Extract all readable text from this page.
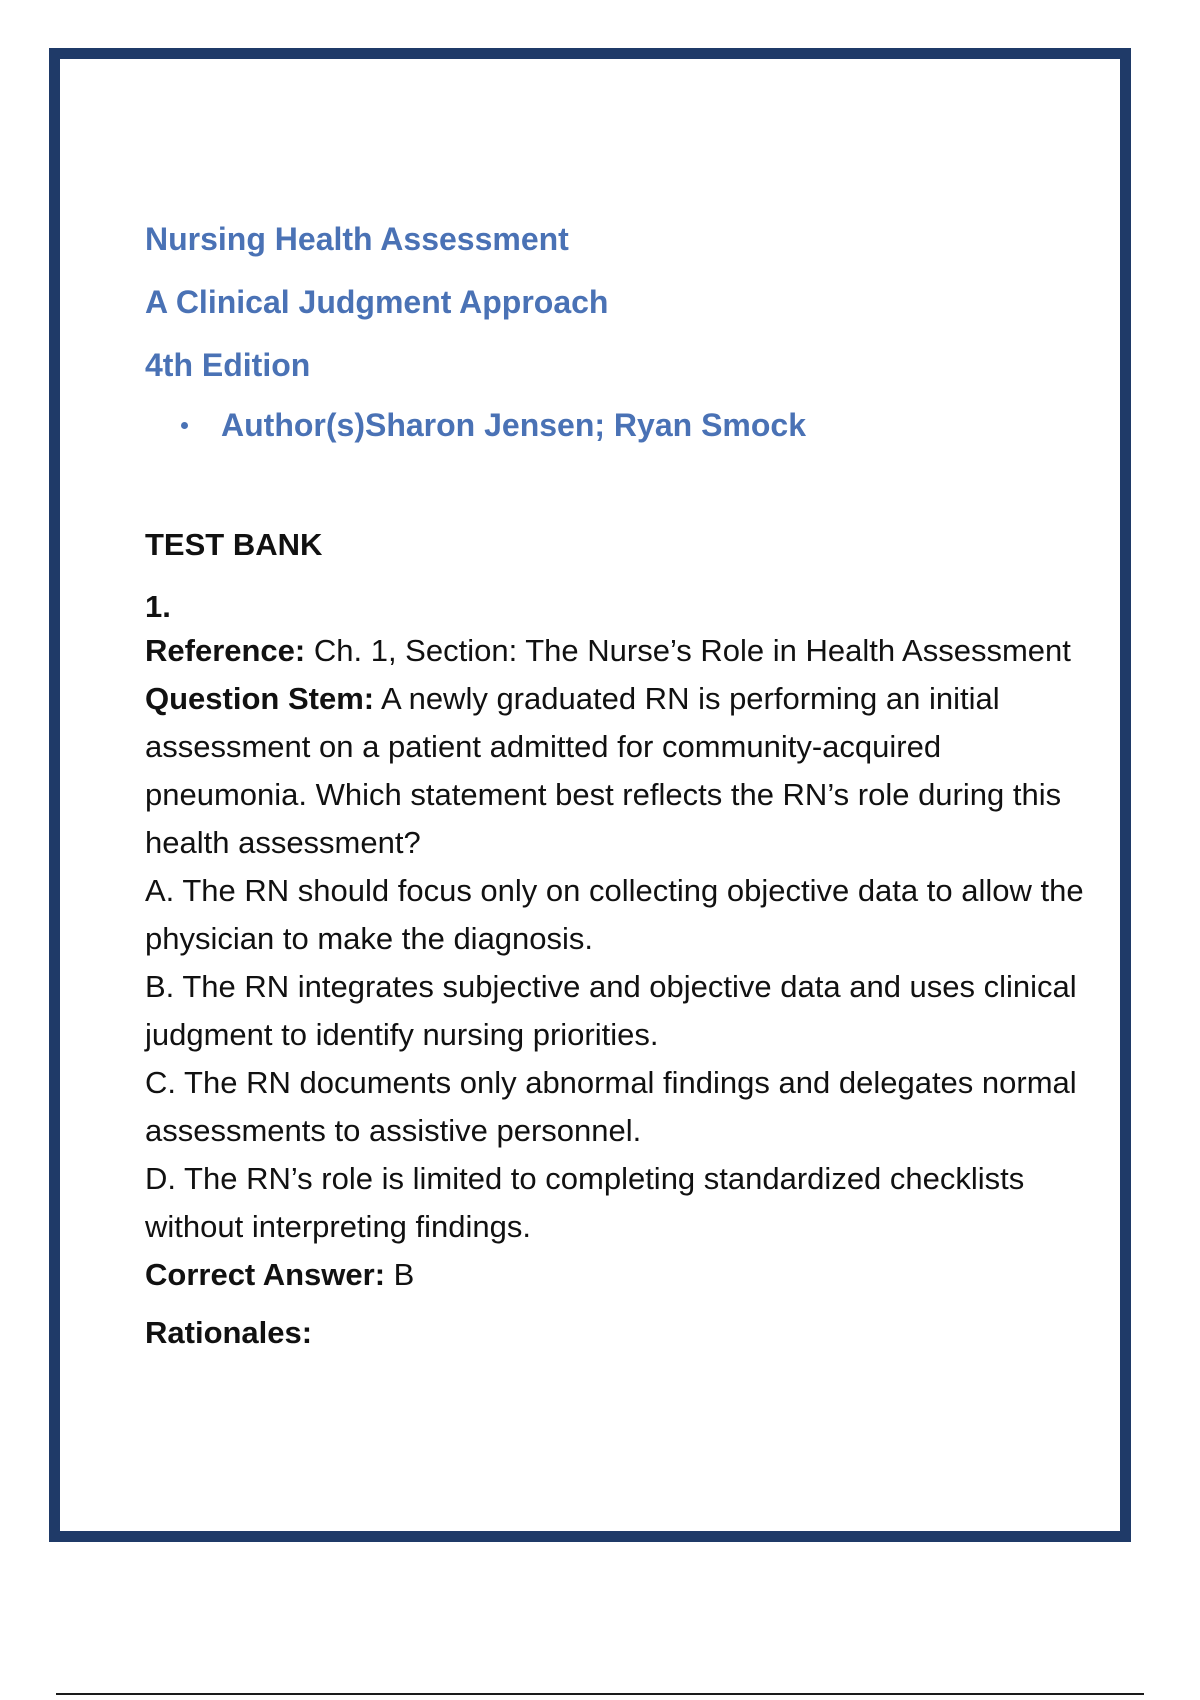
Nursing Health Assessment
A Clinical Judgment Approach
4th Edition
Author(s)Sharon Jensen; Ryan Smock
TEST BANK
1.

Reference: Ch. 1, Section: The Nurse’s Role in Health Assessment

Question Stem: A newly graduated RN is performing an initial assessment on a patient admitted for community-acquired pneumonia. Which statement best reflects the RN’s role during this health assessment?

A. The RN should focus only on collecting objective data to allow the physician to make the diagnosis.

B. The RN integrates subjective and objective data and uses clinical judgment to identify nursing priorities.

C. The RN documents only abnormal findings and delegates normal assessments to assistive personnel.

D. The RN’s role is limited to completing standardized checklists without interpreting findings.

Correct Answer: B

Rationales:
